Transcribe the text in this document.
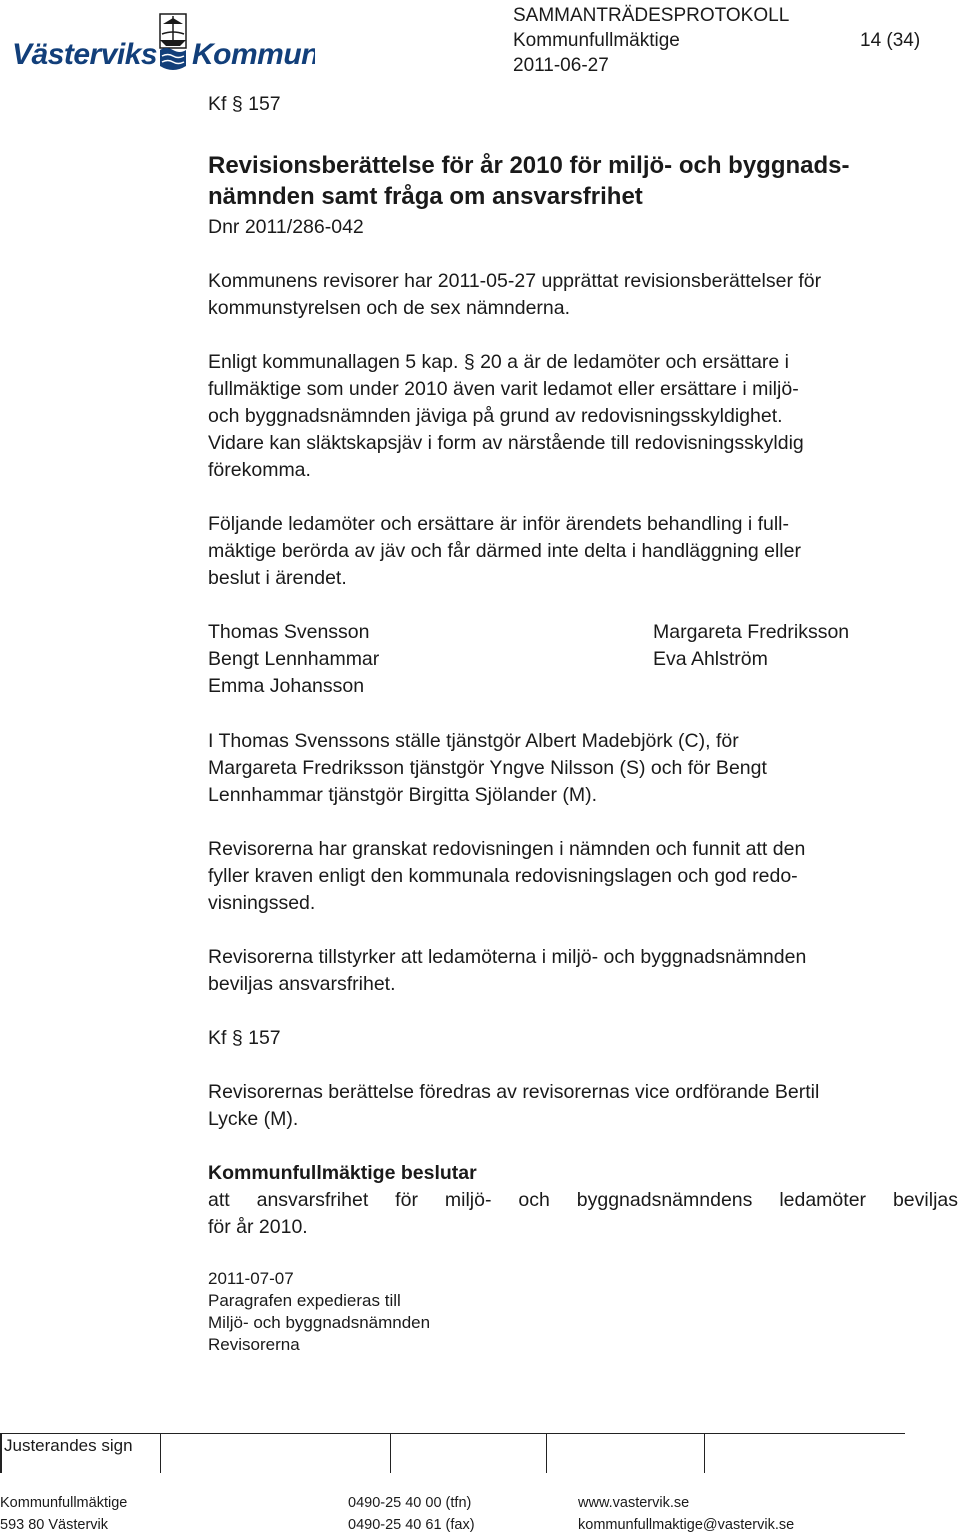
Västerviks Kommun
SAMMANTRÄDESPROTOKOLL
Kommunfullmäktige	14 (34)
2011-06-27
Kf § 157
Revisionsberättelse för år 2010 för miljö- och byggnads-
nämnden samt fråga om ansvarsfrihet
Dnr 2011/286-042
Kommunens revisorer har 2011-05-27 upprättat revisionsberättelser för
kommunstyrelsen och de sex nämnderna.
Enligt kommunallagen 5 kap. § 20 a är de ledamöter och ersättare i
fullmäktige som under 2010 även varit ledamot eller ersättare i miljö-
och byggnadsnämnden jäviga på grund av redovisningsskyldighet.
Vidare kan släktskapsjäv i form av närstående till redovisningsskyldig
förekomma.
Följande ledamöter och ersättare är inför ärendets behandling i full-
mäktige berörda av jäv och får därmed inte delta i handläggning eller
beslut i ärendet.
Thomas Svensson
Bengt Lennhammar
Emma Johansson
Margareta Fredriksson
Eva Ahlström
I Thomas Svenssons ställe tjänstgör Albert Madebjörk (C), för
Margareta Fredriksson tjänstgör Yngve Nilsson (S) och för Bengt
Lennhammar tjänstgör Birgitta Sjölander (M).
Revisorerna har granskat redovisningen i nämnden och funnit att den
fyller kraven enligt den kommunala redovisningslagen och god redo-
visningssed.
Revisorerna tillstyrker att ledamöterna i miljö- och byggnadsnämnden
beviljas ansvarsfrihet.
Kf § 157
Revisorernas berättelse föredras av revisorernas vice ordförande Bertil
Lycke (M).
Kommunfullmäktige beslutar
att ansvarsfrihet för miljö- och byggnadsnämndens ledamöter beviljas
för år 2010.
2011-07-07
Paragrafen expedieras till
Miljö- och byggnadsnämnden
Revisorerna
Justerandes sign
Kommunfullmäktige
593 80 Västervik
0490-25 40 00 (tfn)
0490-25 40 61 (fax)
www.vastervik.se
kommunfullmaktige@vastervik.se
